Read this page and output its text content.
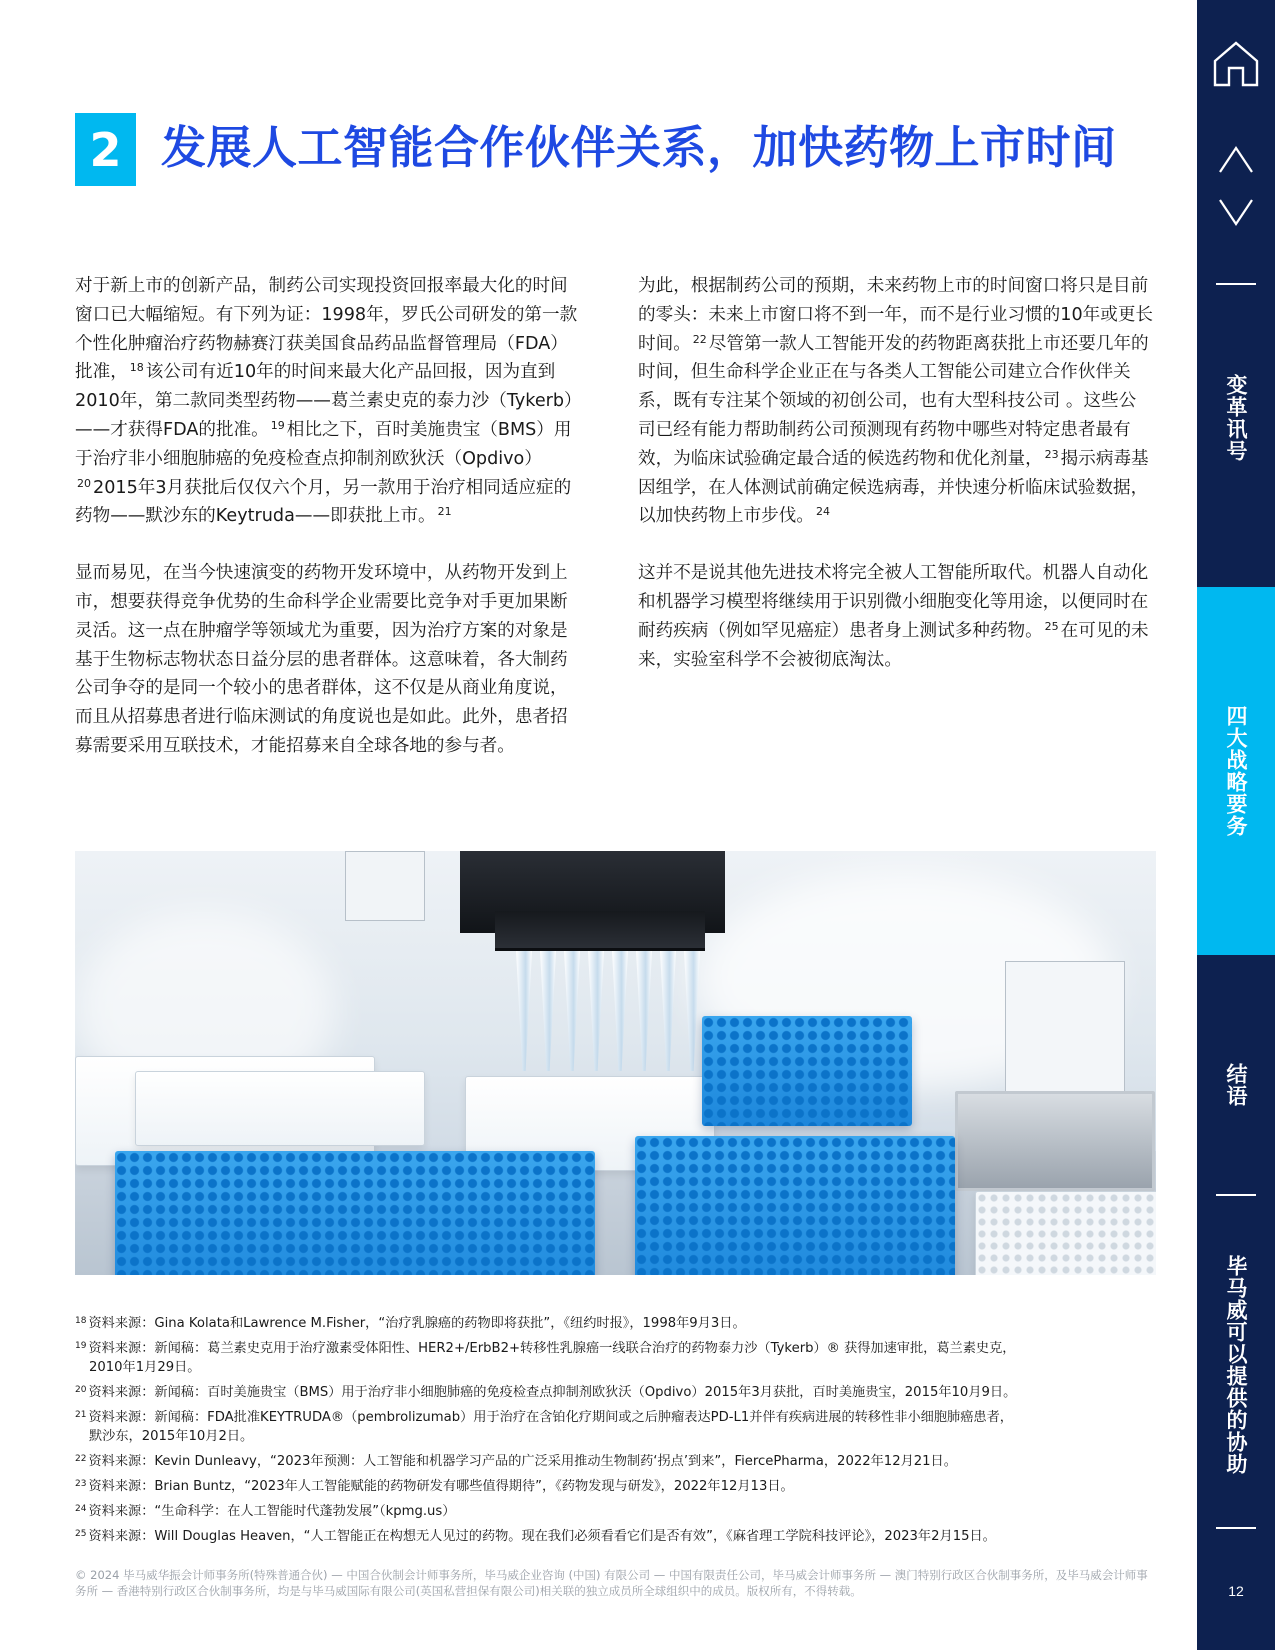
2 发展人工智能合作伙伴关系，加快药物上市时间

对于新上市的创新产品，制药公司实现投资回报率最大化的时间窗口已大幅缩短。有下列为证：1998年，罗氏公司研发的第一款个性化肿瘤治疗药物赫赛汀获美国食品药品监督管理局（FDA）批准， $^{18}$ 该公司有近10年的时间来最大化产品回报，因为直到2010年，第二款同类型药物——葛兰素史克的泰力沙（Tykerb）——才获得FDA的批准。 $^{19}$ 相比之下，百时美施贵宝（BMS）用于治疗非小细胞肺癌的免疫检查点抑制剂欧狄沃（Opdivo）$^{20}$ 2015年3月获批后仅仅六个月，另一款用于治疗相同适应症的药物——默沙东的Keytruda——即获批上市。 $^{21}$

显而易见，在当今快速演变的药物开发环境中，从药物开发到上市，想要获得竞争优势的生命科学企业需要比竞争对手更加果断灵活。这一点在肿瘤学等领域尤为重要，因为治疗方案的对象是基于生物标志物状态日益分层的患者群体。这意味着，各大制药公司争夺的是同一个较小的患者群体，这不仅是从商业角度说，而且从招募患者进行临床测试的角度说也是如此。此外，患者招募需要采用互联技术，才能招募来自全球各地的参与者。

为此，根据制药公司的预期，未来药物上市的时间窗口将只是目前的零头：未来上市窗口将不到一年，而不是行业习惯的10年或更长时间。 $^{22}$ 尽管第一款人工智能开发的药物距离获批上市还要几年的时间，但生命科学企业正在与各类人工智能公司建立合作伙伴关系，既有专注某个领域的初创公司，也有大型科技公司 。这些公司已经有能力帮助制药公司预测现有药物中哪些对特定患者最有效，为临床试验确定最合适的候选药物和优化剂量， $^{23}$ 揭示病毒基因组学，在人体测试前确定候选病毒，并快速分析临床试验数据，以加快药物上市步伐。 $^{24}$

这并不是说其他先进技术将完全被人工智能所取代。机器人自动化和机器学习模型将继续用于识别微小细胞变化等用途，以便同时在耐药疾病（例如罕见癌症）患者身上测试多种药物。 $^{25}$ 在可见的未来，实验室科学不会被彻底淘汰。

$^{18}$ 资料来源：Gina Kolata和Lawrence M.Fisher，“治疗乳腺癌的药物即将获批”，《纽约时报》，1998年9月3日。
$^{19}$ 资料来源：新闻稿：葛兰素史克用于治疗激素受体阳性、HER2+/ErbB2+转移性乳腺癌一线联合治疗的药物泰力沙（Tykerb）® 获得加速审批，葛兰素史克，
2010年1月29日。
$^{20}$ 资料来源：新闻稿：百时美施贵宝（BMS）用于治疗非小细胞肺癌的免疫检查点抑制剂欧狄沃（Opdivo）2015年3月获批，百时美施贵宝，2015年10月9日。
$^{21}$ 资料来源：新闻稿：FDA批准KEYTRUDA®（pembrolizumab）用于治疗在含铂化疗期间或之后肿瘤表达PD-L1并伴有疾病进展的转移性非小细胞肺癌患者，
默沙东，2015年10月2日。
$^{22}$ 资料来源：Kevin Dunleavy，“2023年预测：人工智能和机器学习产品的广泛采用推动生物制药‘拐点’到来”，FiercePharma，2022年12月21日。
$^{23}$ 资料来源：Brian Buntz，“2023年人工智能赋能的药物研发有哪些值得期待”，《药物发现与研发》，2022年12月13日。
$^{24}$ 资料来源：“生命科学：在人工智能时代蓬勃发展”（kpmg.us）
$^{25}$ 资料来源：Will Douglas Heaven，“人工智能正在构想无人见过的药物。现在我们必须看看它们是否有效”，《麻省理工学院科技评论》，2023年2月15日。
© 2024 毕马威华振会计师事务所(特殊普通合伙) — 中国合伙制会计师事务所，毕马威企业咨询 (中国) 有限公司 — 中国有限责任公司，毕马威会计师事务所 — 澳门特别行政区合伙制事务所，及毕马威会计师事务所 — 香港特别行政区合伙制事务所，均是与毕马威国际有限公司(英国私营担保有限公司)相关联的独立成员所全球组织中的成员。版权所有，不得转载。
变革讯号
四大战略要务
结语
毕马威可以提供的协助
12
